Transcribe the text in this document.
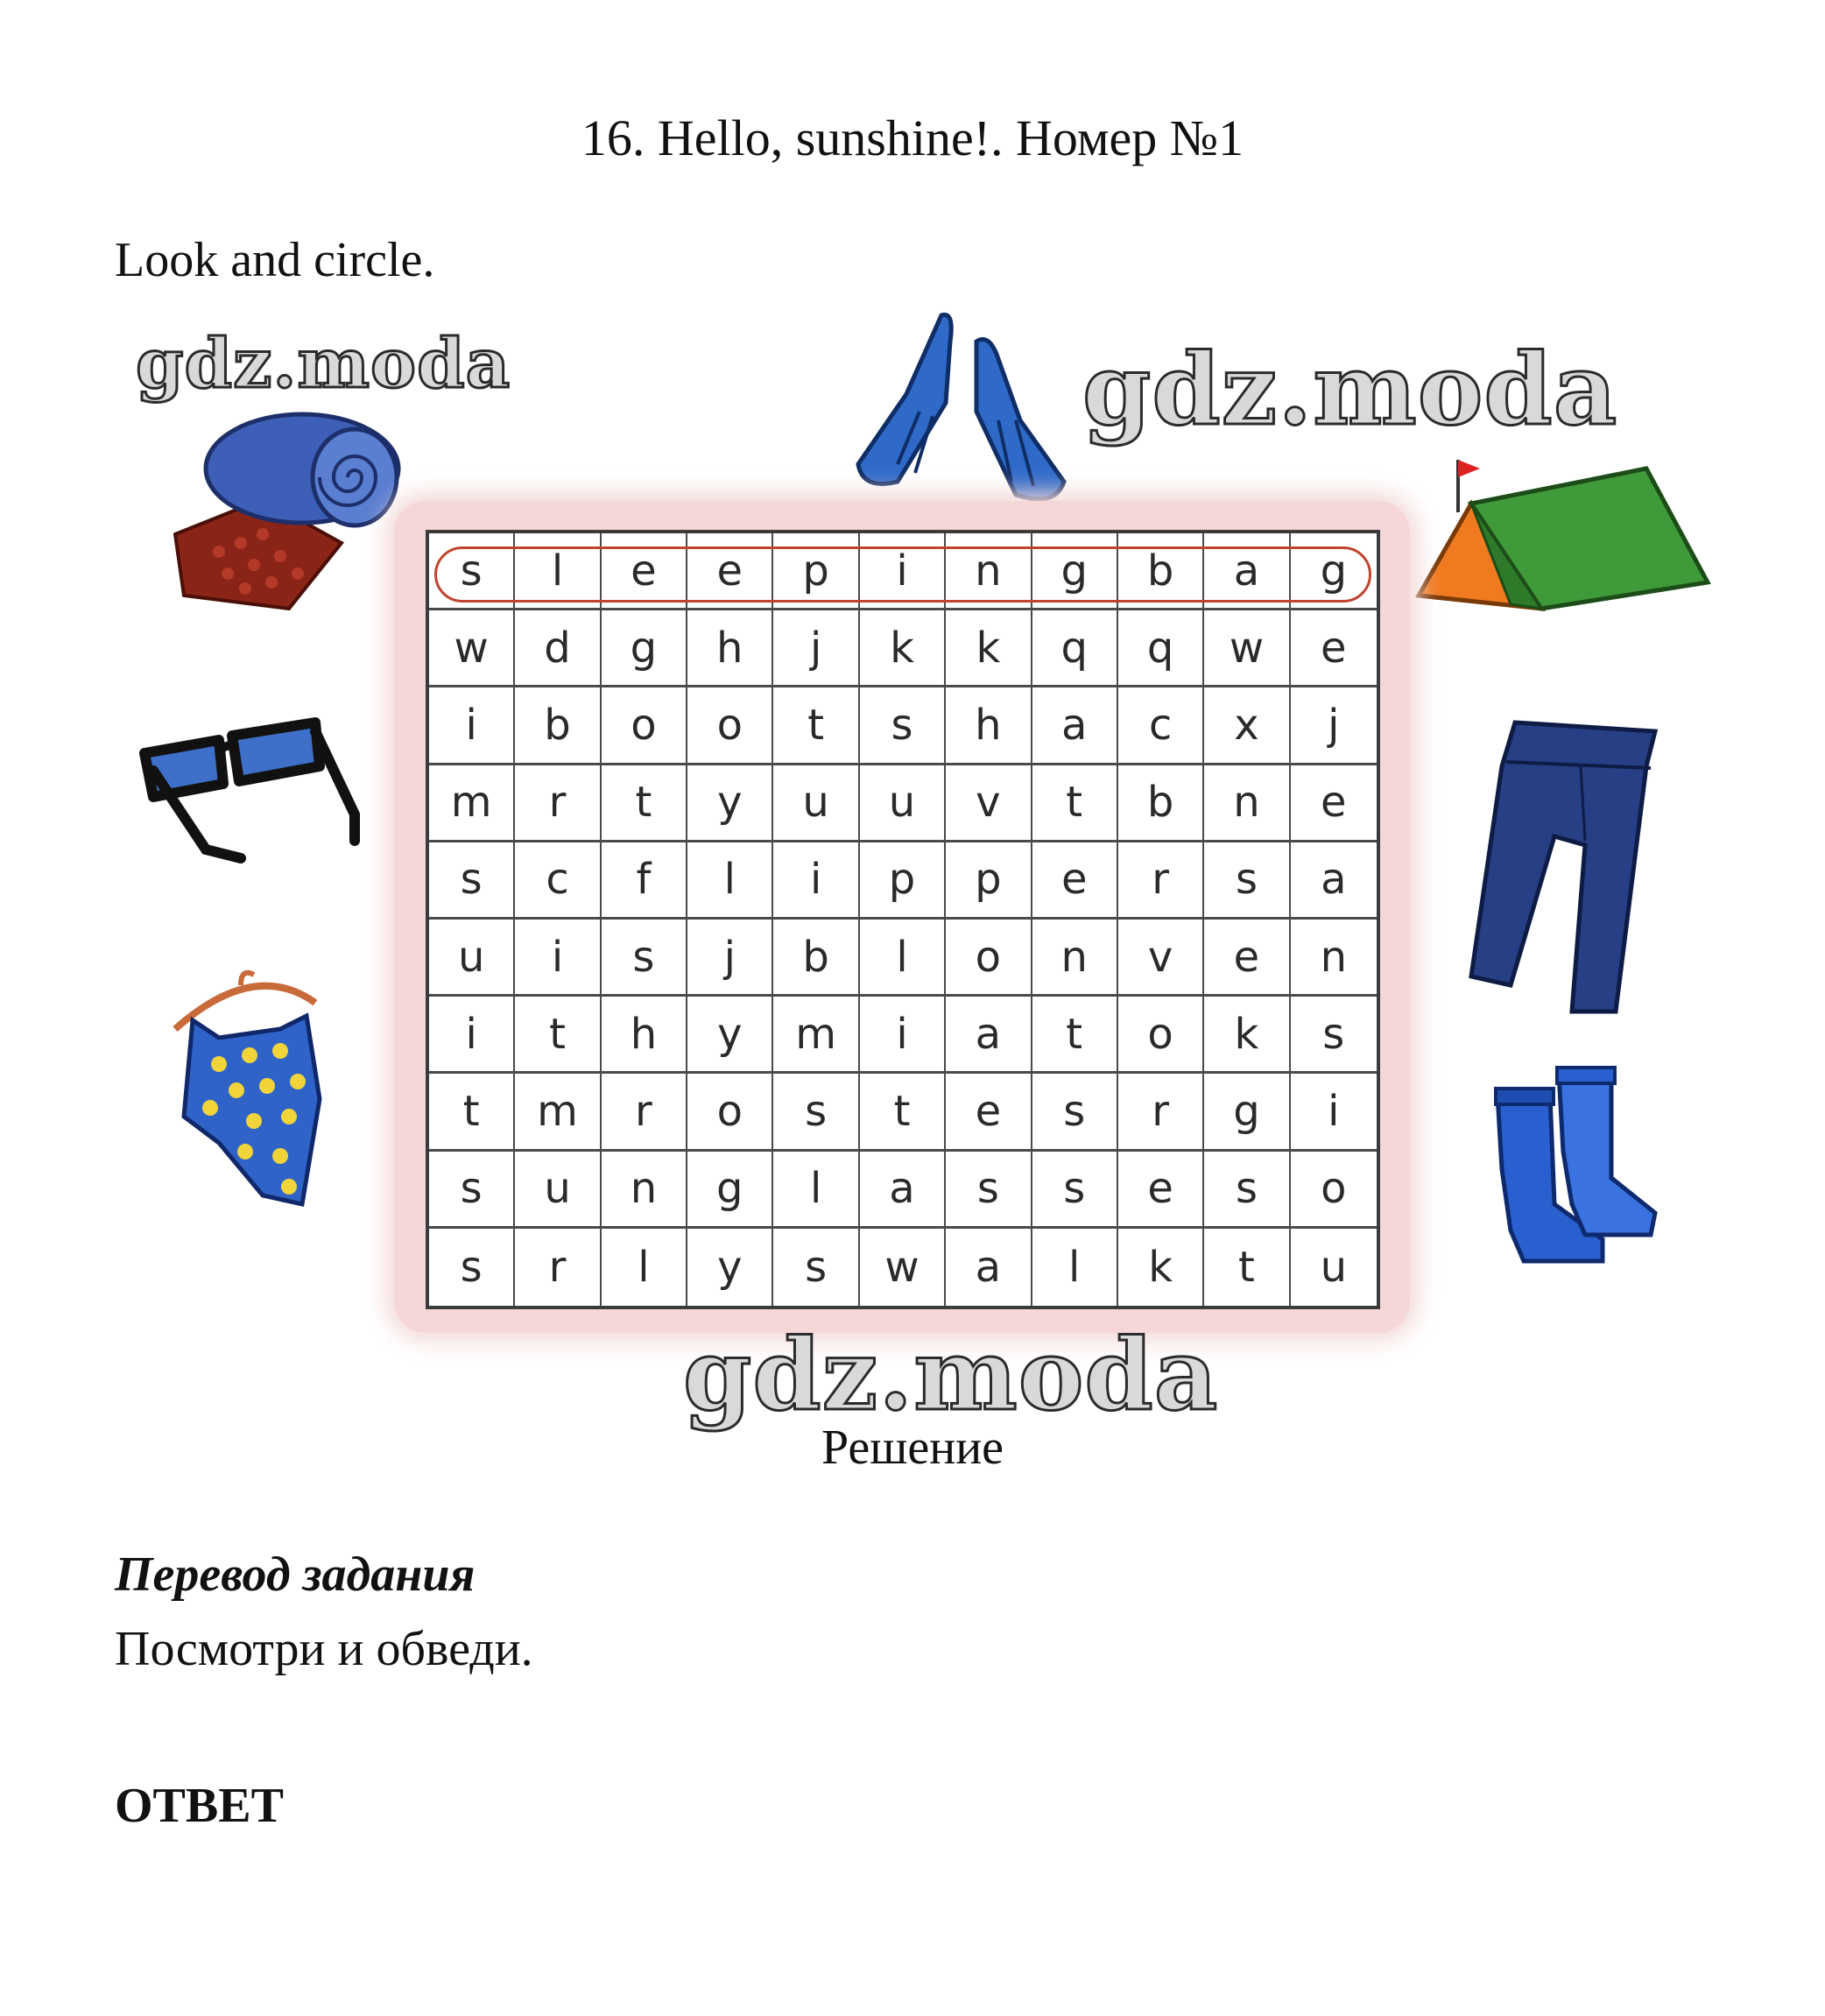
16. Hello, sunshine!. Номер №1
Look and circle.
gdz.moda	gdz.moda
s	l	e	e	p	i	n	g	b	a	g
w	d	g	h	j	k	k	q	q	w	e
i	b	o	o	t	s	h	a	c	x	j
m	r	t	y	u	u	v	t	b	n	e
s	c	f	l	i	p	p	e	r	s	a
u	i	s	j	b	l	o	n	v	e	n
i	t	h	y	m	i	a	t	o	k	s
t	m	r	o	s	t	e	s	r	g	i
s	u	n	g	l	a	s	s	e	s	o
s	r	l	y	s	w	a	l	k	t	u
gdz.moda
Решение
Перевод задания
Посмотри и обведи.
ОТВЕТ
